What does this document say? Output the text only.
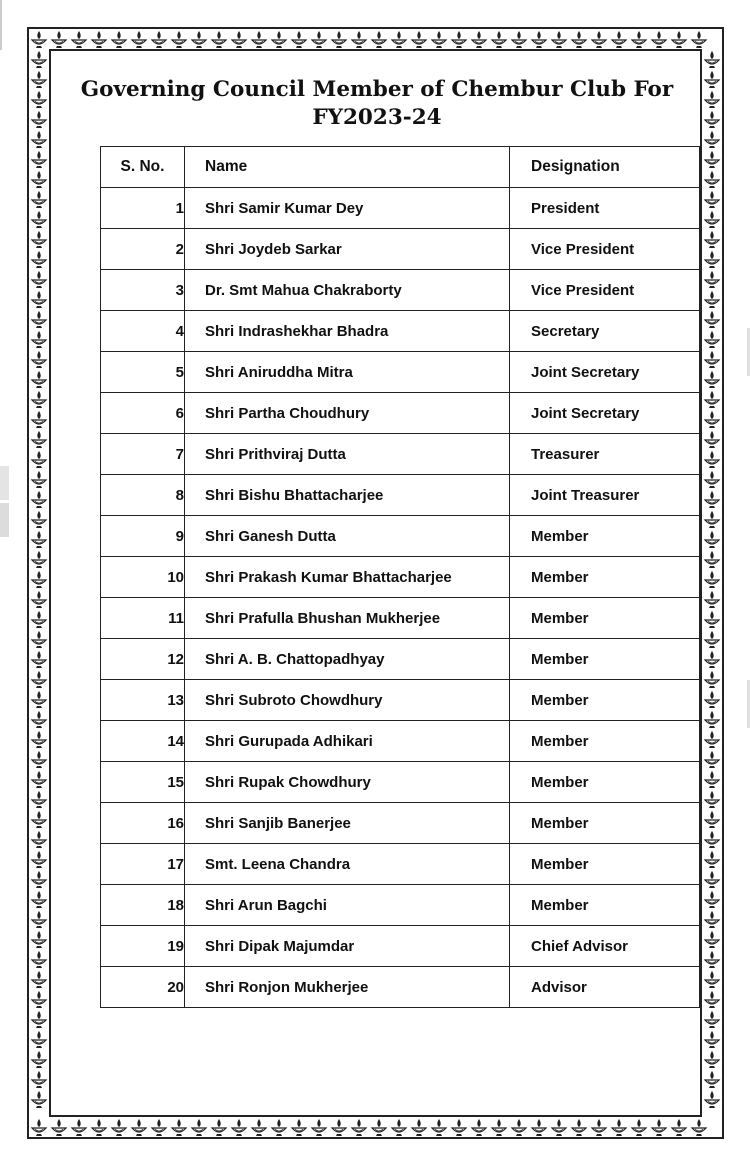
Governing Council Member of Chembur Club For FY2023-24
S. No.	Name	Designation
1	Shri Samir Kumar Dey	President
2	Shri Joydeb Sarkar	Vice President
3	Dr. Smt Mahua Chakraborty	Vice President
4	Shri Indrashekhar Bhadra	Secretary
5	Shri Aniruddha Mitra	Joint Secretary
6	Shri Partha Choudhury	Joint Secretary
7	Shri Prithviraj Dutta	Treasurer
8	Shri Bishu Bhattacharjee	Joint Treasurer
9	Shri Ganesh Dutta	Member
10	Shri Prakash Kumar Bhattacharjee	Member
11	Shri Prafulla Bhushan Mukherjee	Member
12	Shri A. B. Chattopadhyay	Member
13	Shri Subroto Chowdhury	Member
14	Shri Gurupada Adhikari	Member
15	Shri Rupak Chowdhury	Member
16	Shri Sanjib Banerjee	Member
17	Smt. Leena Chandra	Member
18	Shri Arun Bagchi	Member
19	Shri Dipak Majumdar	Chief Advisor
20	Shri Ronjon Mukherjee	Advisor
